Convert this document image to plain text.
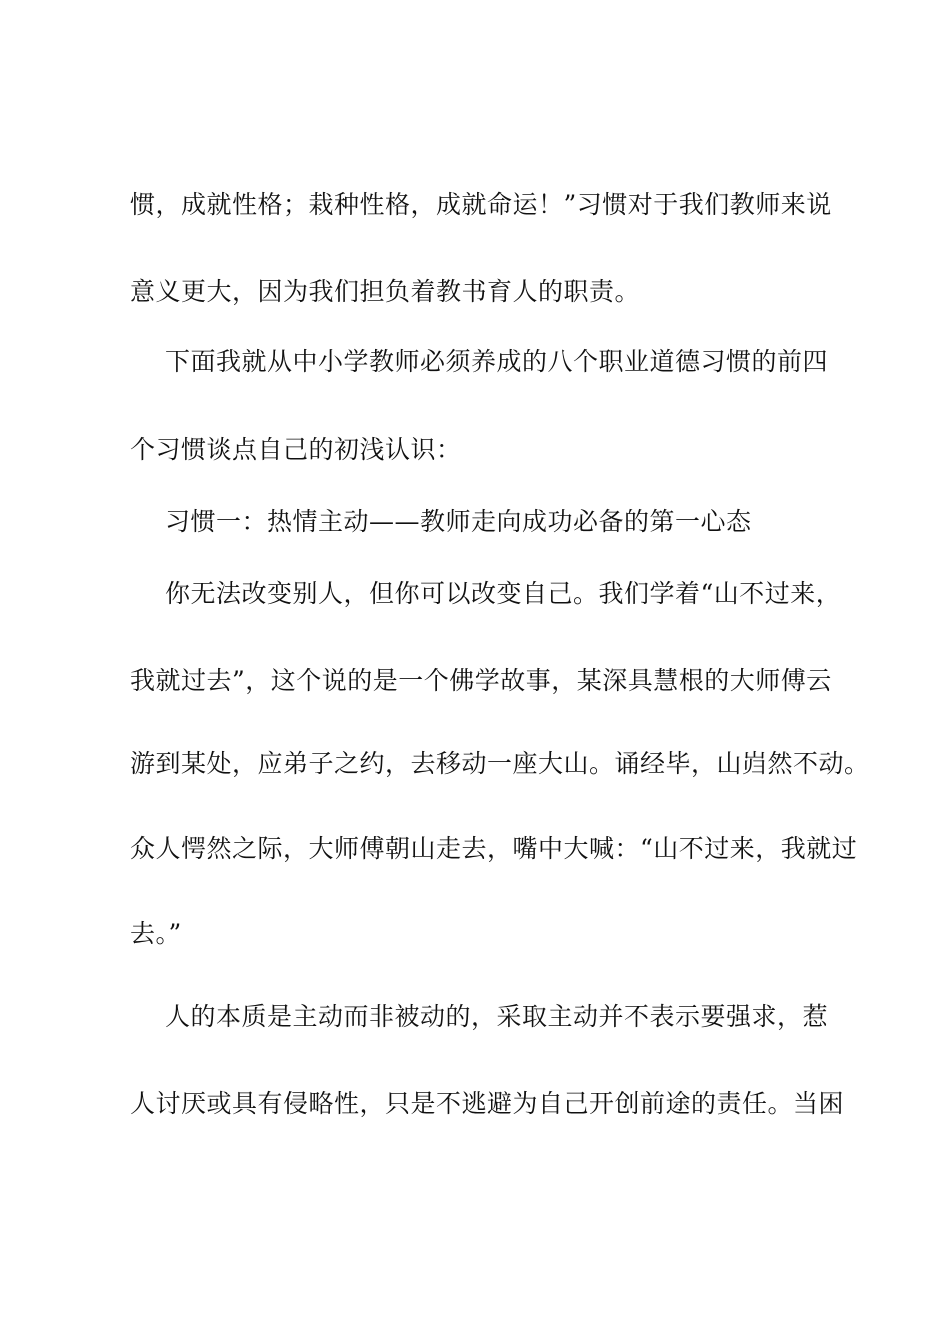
惯，成就性格；栽种性格，成就命运！”习惯对于我们教师来说
意义更大，因为我们担负着教书育人的职责。
下面我就从中小学教师必须养成的八个职业道德习惯的前四
个习惯谈点自己的初浅认识：
习惯一：热情主动——教师走向成功必备的第一心态
你无法改变别人，但你可以改变自己。我们学着“山不过来，
我就过去”，这个说的是一个佛学故事，某深具慧根的大师傅云
游到某处，应弟子之约，去移动一座大山。诵经毕，山岿然不动。
众人愕然之际，大师傅朝山走去，嘴中大喊：“山不过来，我就过
去。”
人的本质是主动而非被动的，采取主动并不表示要强求，惹
人讨厌或具有侵略性，只是不逃避为自己开创前途的责任。当困
